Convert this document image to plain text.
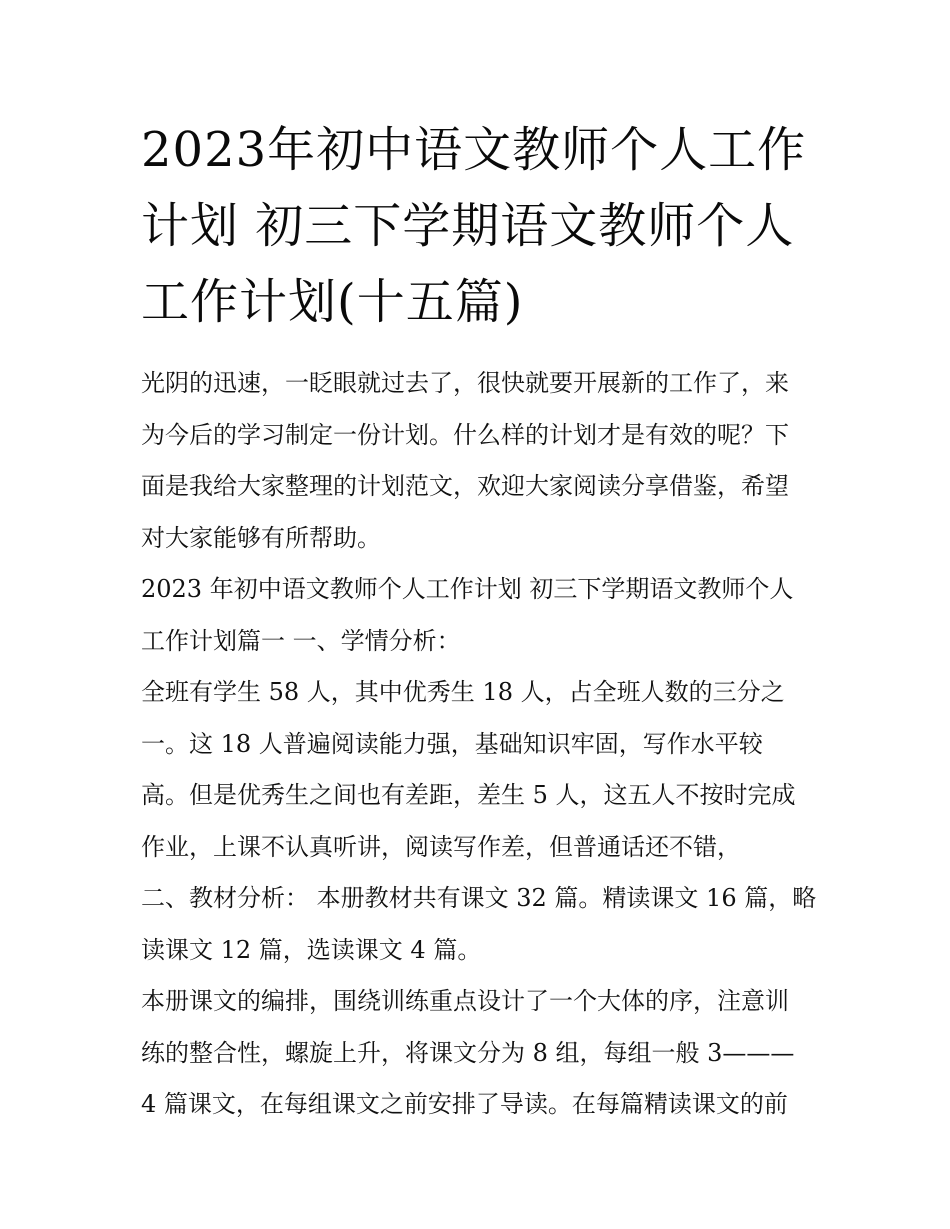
2023年初中语文教师个人工作
计划 初三下学期语文教师个人
工作计划(十五篇)
光阴的迅速，一眨眼就过去了，很快就要开展新的工作了，来
为今后的学习制定一份计划。什么样的计划才是有效的呢？下
面是我给大家整理的计划范文，欢迎大家阅读分享借鉴，希望
对大家能够有所帮助。
2023 年初中语文教师个人工作计划 初三下学期语文教师个人
工作计划篇一 一、学情分析：
全班有学生 58 人，其中优秀生 18 人，占全班人数的三分之
一。这 18 人普遍阅读能力强，基础知识牢固，写作水平较
高。但是优秀生之间也有差距，差生 5 人，这五人不按时完成
作业，上课不认真听讲，阅读写作差，但普通话还不错，
二、教材分析： 本册教材共有课文 32 篇。精读课文 16 篇，略
读课文 12 篇，选读课文 4 篇。
本册课文的编排，围绕训练重点设计了一个大体的序，注意训
练的整合性，螺旋上升，将课文分为 8 组，每组一般 3———
4 篇课文，在每组课文之前安排了导读。在每篇精读课文的前
